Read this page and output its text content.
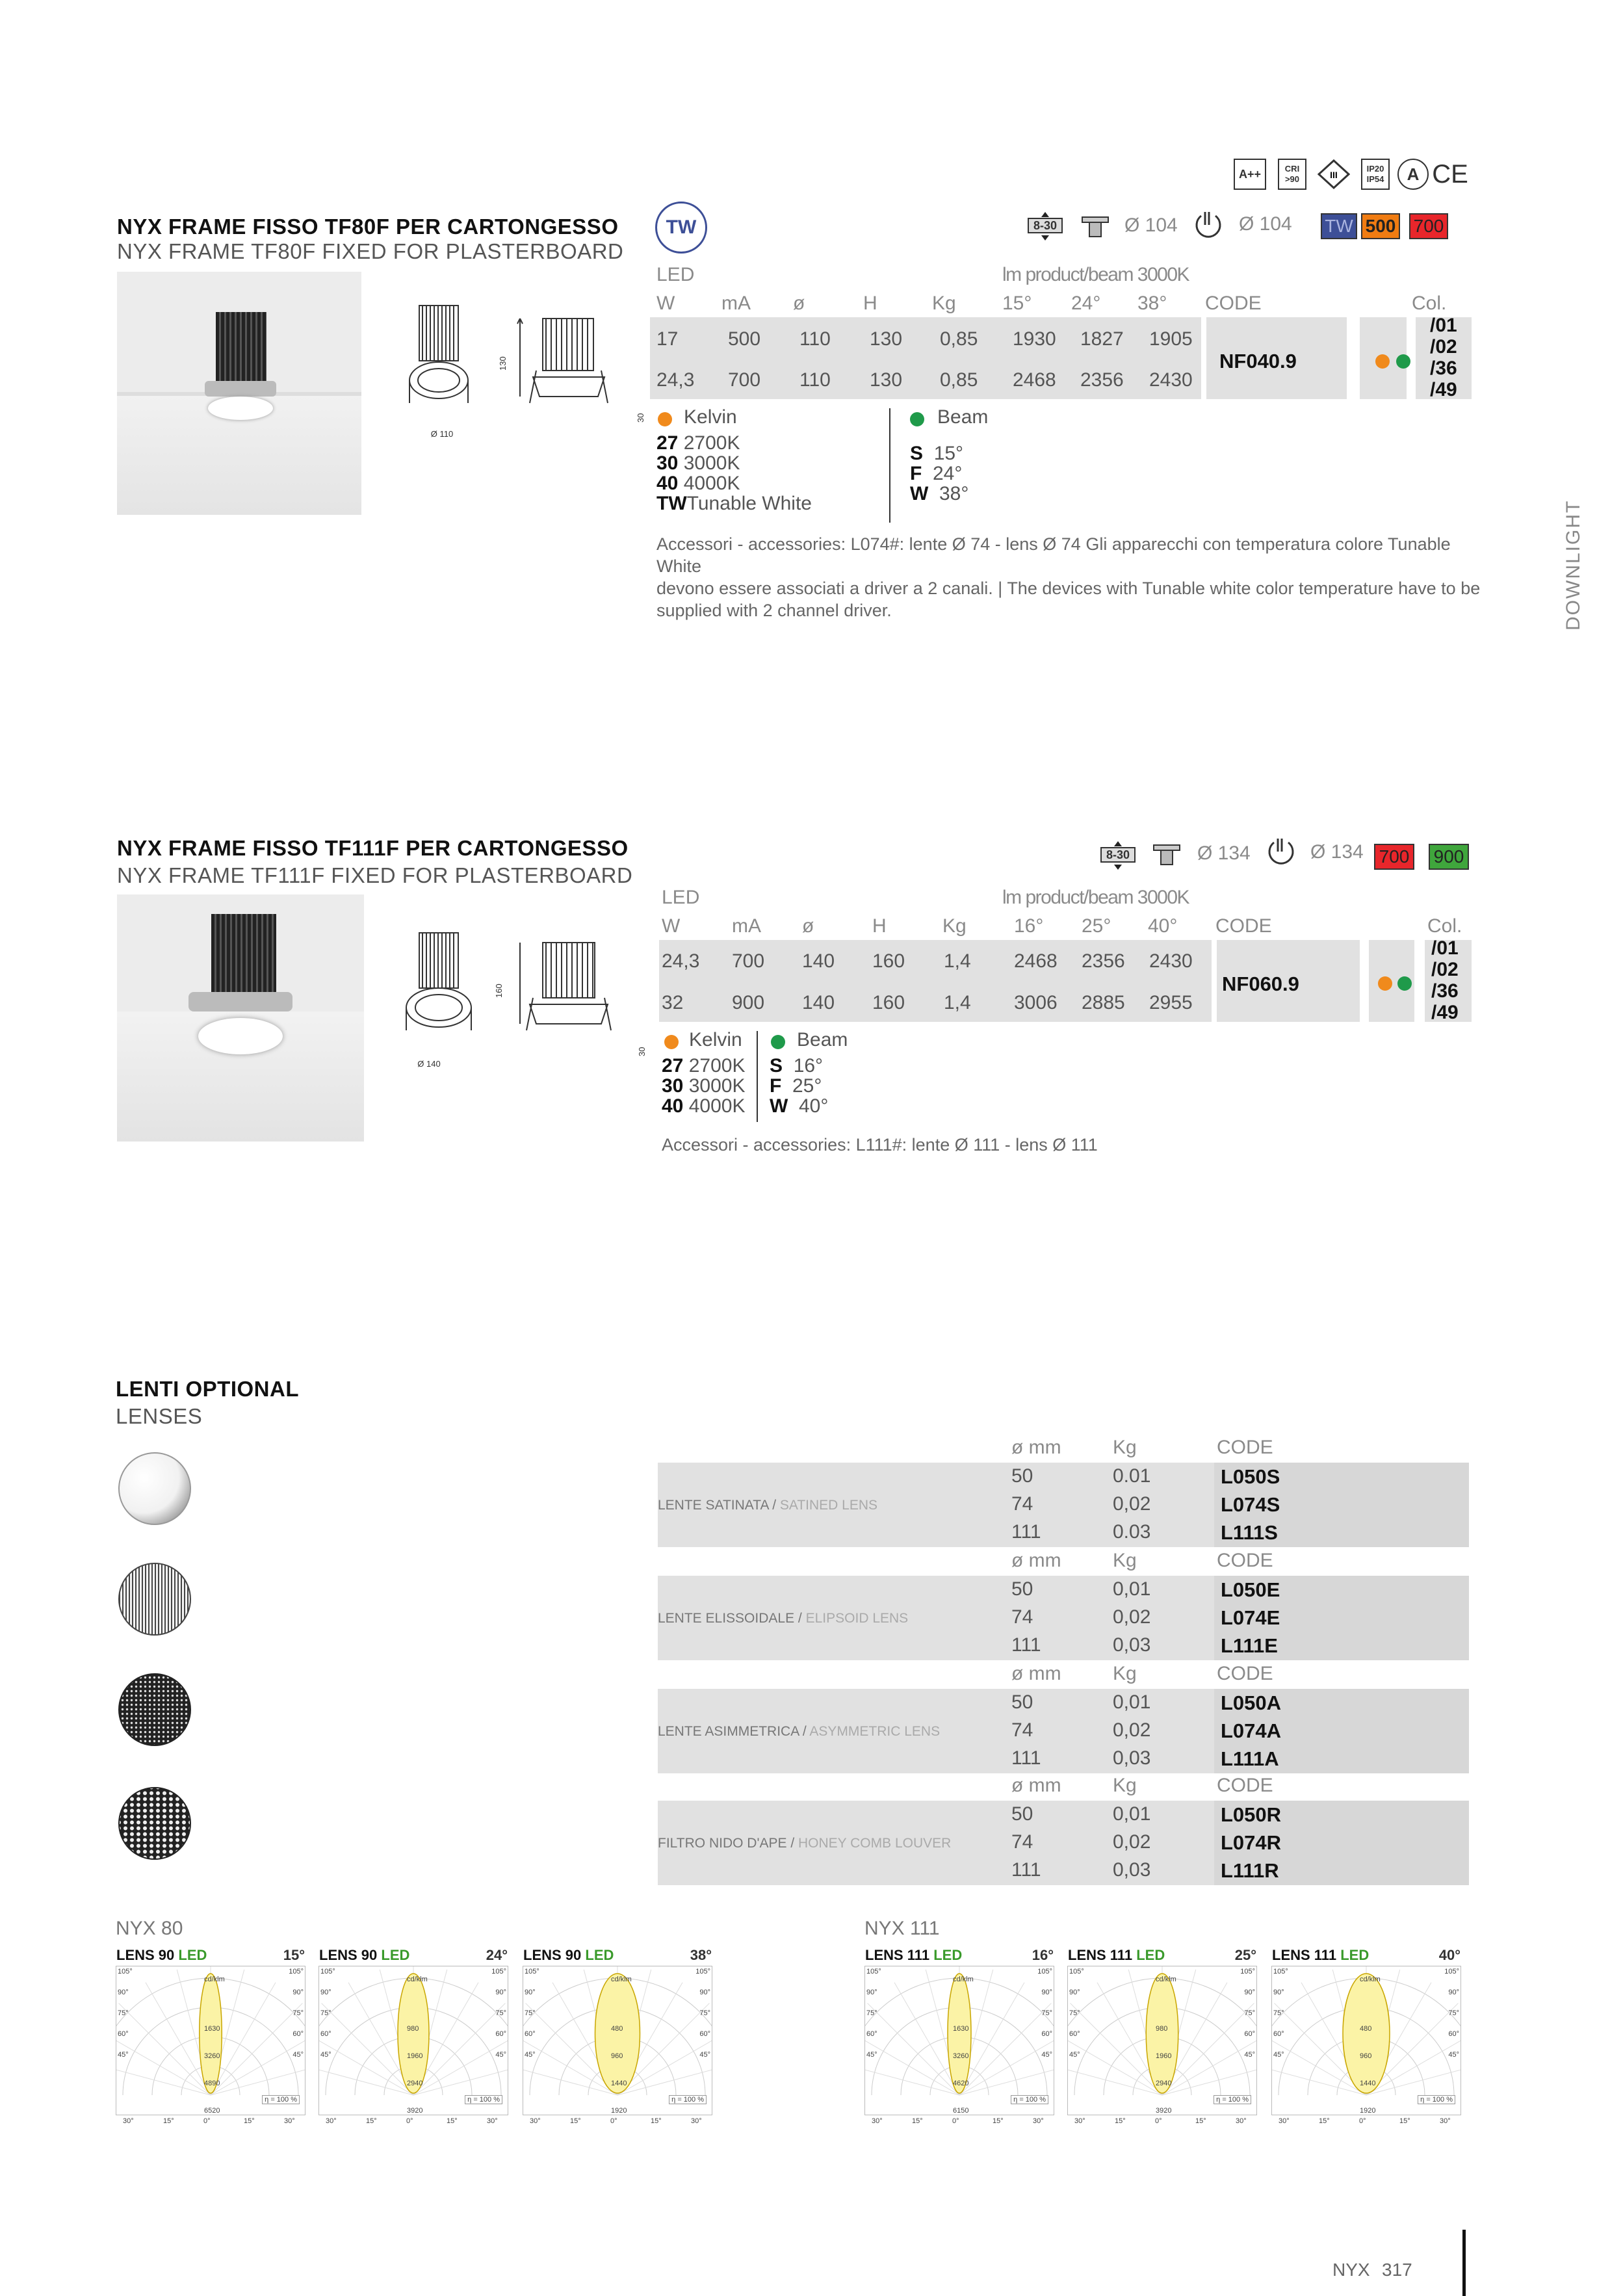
A++	CRI >90	III
IP20 IP54	A CE
NYX FRAME FISSO TF80F PER CARTONGESSO
NYX FRAME TF80F FIXED FOR PLASTERBOARD
TW
Ø 110
130
30
8-30	Ø 104	Ø 104 TW 500 700
LED	lm product/beam 3000K
W mA ø	H	Kg 15° 24° 38° CODE	Col.
17	500 110 130 0,85 1930 1827 1905
24,3 700 110 130 0,85 2468 2356 2430
NF040.9
/01
/02
/36
/49
Kelvin
27 2700K
30 3000K
40 4000K
TWTunable White
Beam
S 15°
F 24°
W 38°
Accessori - accessories: L074#: lente Ø 74 - lens Ø 74 Gli apparecchi con temperatura colore Tunable White
devono essere associati a driver a 2 canali. | The devices with Tunable white color temperature have to be
supplied with 2 channel driver.	DOWNLIGHT
NYX FRAME FISSO TF111F PER CARTONGESSO
NYX FRAME TF111F FIXED FOR PLASTERBOARD
Ø 140
160
30
8-30	Ø 134	Ø 134 700 900
LED	lm product/beam 3000K
W	mA ø	H	Kg 16° 25° 40° CODE	Col.
24,3 700 140 160 1,4 2468 2356 2430
32 900 140 160 1,4 3006 2885 2955
NF060.9
/01
/02
/36
/49
Kelvin
27 2700K
30 3000K
40 4000K
Beam
S 16°
F 25°
W 40°
Accessori - accessories: L111#: lente Ø 111 - lens Ø 111
LENTI OPTIONAL
LENSES
ø mm	Kg	CODE
LENTE SATINATA / SATINED LENS
50	0.01	L050S
74	0,02	L074S
111	0.03	L111S
ø mm	Kg	CODE
LENTE ELISSOIDALE / ELIPSOID LENS
50	0,01	L050E
74	0,02	L074E
111	0,03	L111E
ø mm	Kg	CODE
LENTE ASIMMETRICA / ASYMMETRIC LENS
50	0,01	L050A
74	0,02	L074A
111	0,03	L111A
ø mm	Kg	CODE
FILTRO NIDO D'APE / HONEY COMB LOUVER
50	0,01	L050R
74	0,02	L074R
111	0,03	L111R
NYX 80	NYX 111
LENS 90 LED	15°
cd/klm
1630
3260
4890
6520
105°	105°
90°	90°
75°	75°
60°	60°
45°	45°
30°	15°	0°	15°	30°
η = 100 %
LENS 90 LED	24°
cd/klm
980
1960
2940
3920
105°	105°
90°	90°
75°	75°
60°	60°
45°	45°
30°	15°	0°	15°	30°
η = 100 %
LENS 90 LED	38°
cd/klm
480
960
1440
1920
105°	105°
90°	90°
75°	75°
60°	60°
45°	45°
30°	15°	0°	15°	30°
η = 100 %
LENS 111 LED	16°
cd/klm
1630
3260
4620
6150
105°	105°
90°	90°
75°	75°
60°	60°
45°	45°
30°	15°	0°	15°	30°
η = 100 %
LENS 111 LED	25°
cd/klm
980
1960
2940
3920
105°	105°
90°	90°
75°	75°
60°	60°
45°	45°
30°	15°	0°	15°	30°
η = 100 %
LENS 111 LED	40°
cd/klm
480
960
1440
1920
105°	105°
90°	90°
75°	75°
60°	60°
45°	45°
30°	15°	0°	15°	30°
η = 100 %
NYX 317
